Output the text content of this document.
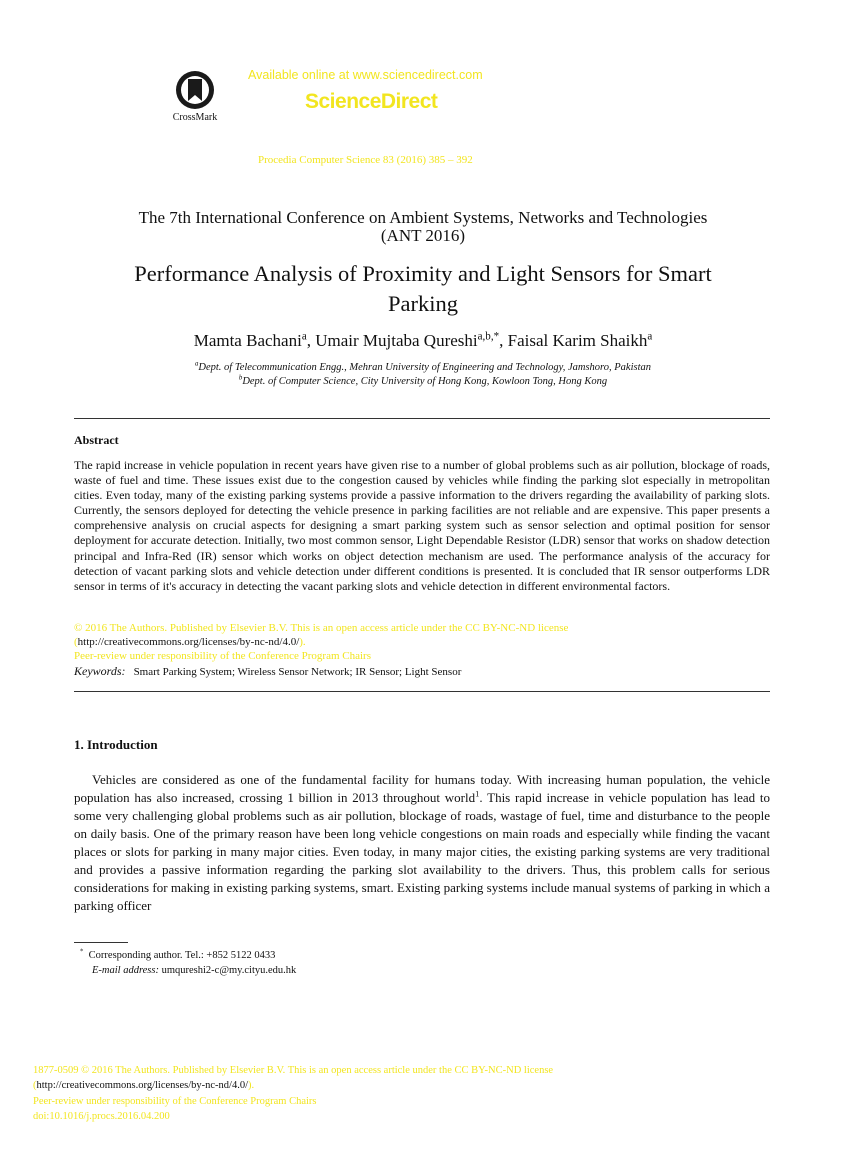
CrossMark
Available online at www.sciencedirect.com
ScienceDirect
Procedia Computer Science 83 (2016) 385 – 392
The 7th International Conference on Ambient Systems, Networks and Technologies
(ANT 2016)
Performance Analysis of Proximity and Light Sensors for Smart
Parking
Mamta Bachani$^a$, Umair Mujtaba Qureshi$^{a,b,*}$, Faisal Karim Shaikh$^a$
$^a$Dept. of Telecommunication Engg., Mehran University of Engineering and Technology, Jamshoro, Pakistan
$^b$Dept. of Computer Science, City University of Hong Kong, Kowloon Tong, Hong Kong
Abstract
The rapid increase in vehicle population in recent years have given rise to a number of global problems such as air pollution, blockage of roads, waste of fuel and time. These issues exist due to the congestion caused by vehicles while finding the parking slot especially in metropolitan cities. Even today, many of the existing parking systems provide a passive information to the drivers regarding the availability of parking slots. Currently, the sensors deployed for detecting the vehicle presence in parking facilities are not reliable and are expensive. This paper presents a comprehensive analysis on crucial aspects for designing a smart parking system such as sensor selection and optimal position for sensor deployment for accurate detection. Initially, two most common sensor, Light Dependable Resistor (LDR) sensor that works on shadow detection principal and Infra-Red (IR) sensor which works on object detection mechanism are used. The performance analysis of the accuracy for detection of vacant parking slots and vehicle detection under different conditions is presented. It is concluded that IR sensor outperforms LDR sensor in terms of it's accuracy in detecting the vacant parking slots and vehicle detection in different environmental factors.
© 2016 The Authors. Published by Elsevier B.V. This is an open access article under the CC BY-NC-ND license
(http://creativecommons.org/licenses/by-nc-nd/4.0/).
Peer-review under responsibility of the Conference Program Chairs
Keywords: Smart Parking System; Wireless Sensor Network; IR Sensor; Light Sensor
1. Introduction
Vehicles are considered as one of the fundamental facility for humans today. With increasing human population, the vehicle population has also increased, crossing 1 billion in 2013 throughout world$^1$. This rapid increase in vehicle population has lead to some very challenging global problems such as air pollution, blockage of roads, wastage of fuel, time and disturbance to the people on daily basis. One of the primary reason have been long vehicle congestions on main roads and especially while finding the vacant places or slots for parking in many major cities. Even today, in many major cities, the existing parking systems are very traditional and provides a passive information regarding the parking slot availability to the drivers. Thus, this problem calls for serious considerations for making in existing parking systems, smart. Existing parking systems include manual systems of parking in which a parking officer
* Corresponding author. Tel.: +852 5122 0433
E-mail address: umqureshi2-c@my.cityu.edu.hk
1877-0509 © 2016 The Authors. Published by Elsevier B.V. This is an open access article under the CC BY-NC-ND license
(http://creativecommons.org/licenses/by-nc-nd/4.0/).
Peer-review under responsibility of the Conference Program Chairs
doi:10.1016/j.procs.2016.04.200
